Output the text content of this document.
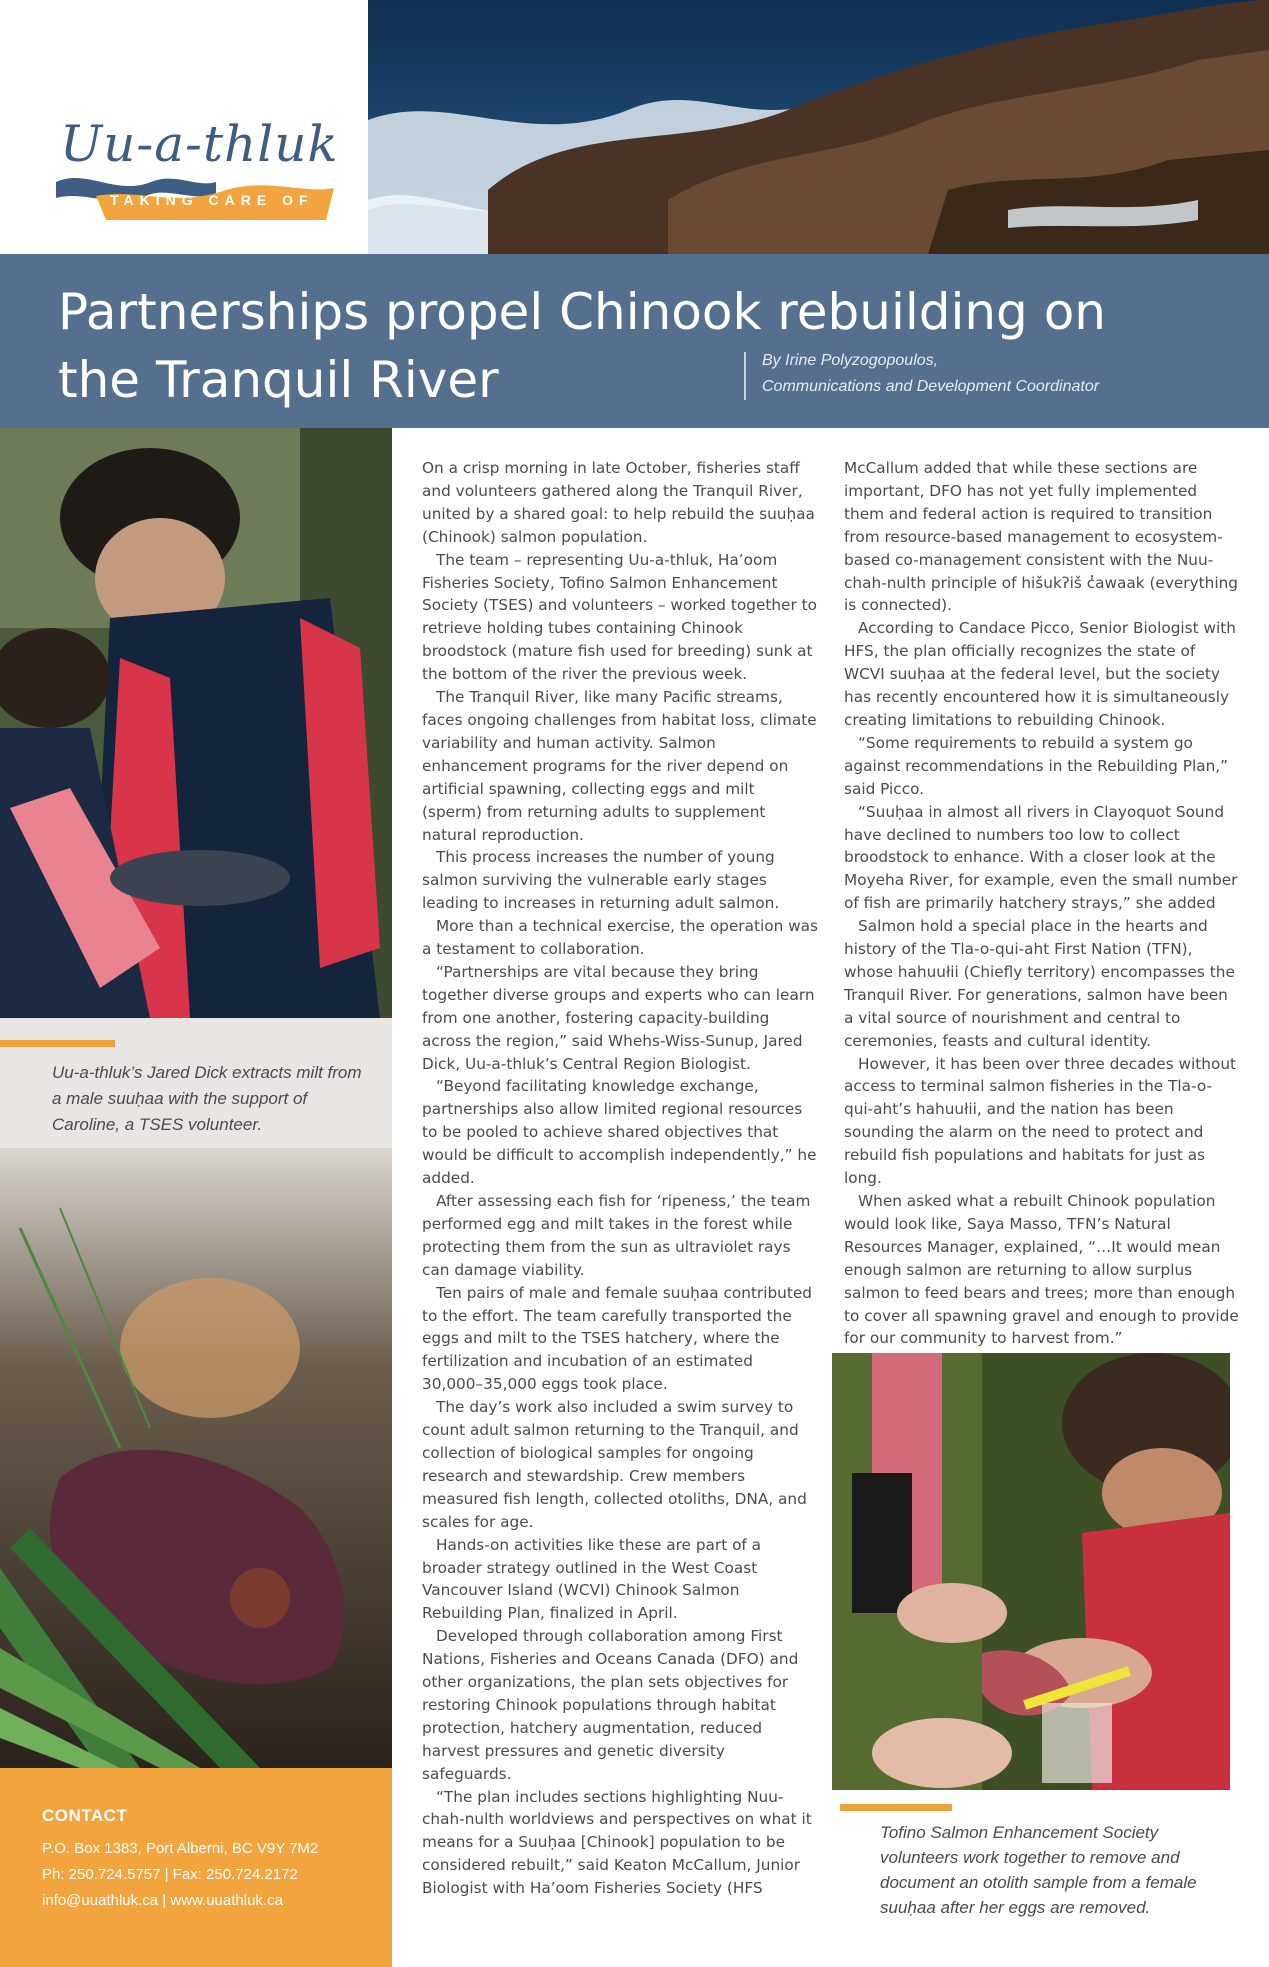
Uu-a-thluk
TAKING CARE OF
Partnerships propel Chinook rebuilding on the Tranquil River	By Irine Polyzogopoulos,
Communications and Development Coordinator
Uu-a-thluk’s Jared Dick extracts milt from a male suuḥaa with the support of Caroline, a TSES volunteer.
CONTACT
P.O. Box 1383, Port Alberni, BC V9Y 7M2
Ph: 250.724.5757 | Fax: 250.724.2172
info@uuathluk.ca | www.uuathluk.ca

On a crisp morning in late October, fisheries staff and volunteers gathered along the Tranquil River, united by a shared goal: to help rebuild the suuḥaa (Chinook) salmon population.

The team – representing Uu-a-thluk, Ha’oom Fisheries Society, Tofino Salmon Enhancement Society (TSES) and volunteers – worked together to retrieve holding tubes containing Chinook broodstock (mature fish used for breeding) sunk at the bottom of the river the previous week.

The Tranquil River, like many Pacific streams, faces ongoing challenges from habitat loss, climate variability and human activity. Salmon enhancement programs for the river depend on artificial spawning, collecting eggs and milt (sperm) from returning adults to supplement natural reproduction.

This process increases the number of young salmon surviving the vulnerable early stages leading to increases in returning adult salmon.

More than a technical exercise, the operation was a testament to collaboration.

“Partnerships are vital because they bring together diverse groups and experts who can learn from one another, fostering capacity-building across the region,” said Whehs-Wiss-Sunup, Jared Dick, Uu-a-thluk’s Central Region Biologist.

“Beyond facilitating knowledge exchange, partnerships also allow limited regional resources to be pooled to achieve shared objectives that would be difficult to accomplish independently,” he added.

After assessing each fish for ‘ripeness,’ the team performed egg and milt takes in the forest while protecting them from the sun as ultraviolet rays can damage viability.

Ten pairs of male and female suuḥaa contributed to the effort. The team carefully transported the eggs and milt to the TSES hatchery, where the fertilization and incubation of an estimated 30,000–35,000 eggs took place.

The day’s work also included a swim survey to count adult salmon returning to the Tranquil, and collection of biological samples for ongoing research and stewardship. Crew members measured fish length, collected otoliths, DNA, and scales for age.

Hands-on activities like these are part of a broader strategy outlined in the West Coast Vancouver Island (WCVI) Chinook Salmon Rebuilding Plan, finalized in April.

Developed through collaboration among First Nations, Fisheries and Oceans Canada (DFO) and other organizations, the plan sets objectives for restoring Chinook populations through habitat protection, hatchery augmentation, reduced harvest pressures and genetic diversity safeguards.

“The plan includes sections highlighting Nuu-chah-nulth worldviews and perspectives on what it means for a Suuḥaa [Chinook] population to be considered rebuilt,” said Keaton McCallum, Junior Biologist with Ha’oom Fisheries Society (HFS

McCallum added that while these sections are important, DFO has not yet fully implemented them and federal action is required to transition from resource-based management to ecosystem-based co-management consistent with the Nuu-chah-nulth principle of hišukʔiš c̓awaak (everything is connected).

According to Candace Picco, Senior Biologist with HFS, the plan officially recognizes the state of WCVI suuḥaa at the federal level, but the society has recently encountered how it is simultaneously creating limitations to rebuilding Chinook.

“Some requirements to rebuild a system go against recommendations in the Rebuilding Plan,” said Picco.

“Suuḥaa in almost all rivers in Clayoquot Sound have declined to numbers too low to collect broodstock to enhance. With a closer look at the Moyeha River, for example, even the small number of fish are primarily hatchery strays,” she added

Salmon hold a special place in the hearts and history of the Tla-o-qui-aht First Nation (TFN), whose hahuułii (Chiefly territory) encompasses the Tranquil River. For generations, salmon have been a vital source of nourishment and central to ceremonies, feasts and cultural identity.

However, it has been over three decades without access to terminal salmon fisheries in the Tla-o-qui-aht’s hahuułii, and the nation has been sounding the alarm on the need to protect and rebuild fish populations and habitats for just as long.

When asked what a rebuilt Chinook population would look like, Saya Masso, TFN’s Natural Resources Manager, explained, “…It would mean enough salmon are returning to allow surplus salmon to feed bears and trees; more than enough to cover all spawning gravel and enough to provide for our community to harvest from.”

Tofino Salmon Enhancement Society volunteers work together to remove and document an otolith sample from a female suuḥaa after her eggs are removed.
